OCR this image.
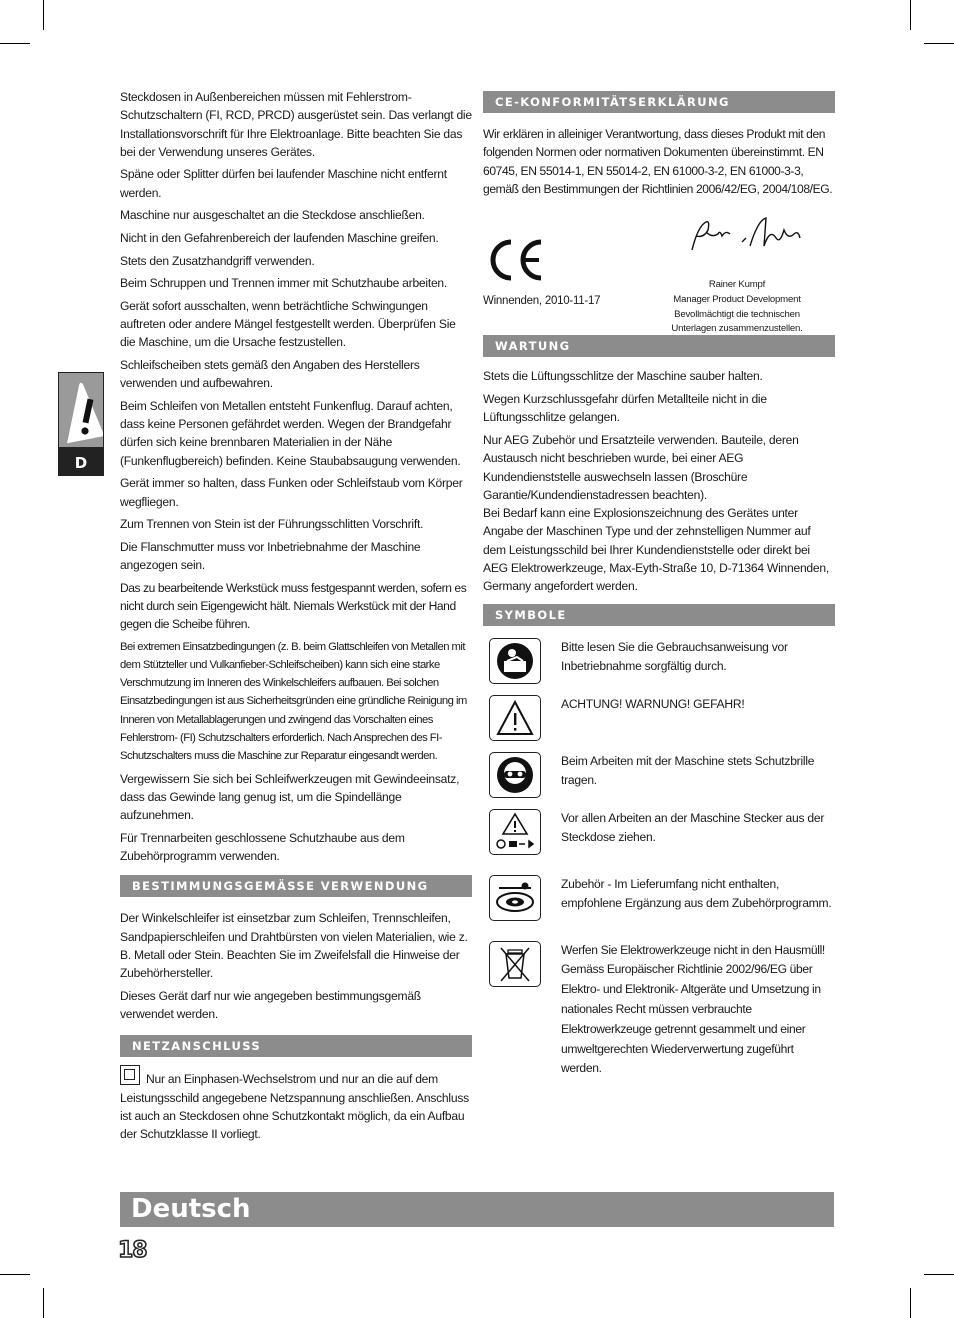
D

Steckdosen in Außenbereichen müssen mit Fehlerstrom-Schutzschaltern (FI, RCD, PRCD) ausgerüstet sein. Das verlangt die Installationsvorschrift für Ihre Elektroanlage. Bitte beachten Sie das bei der Verwendung unseres Gerätes.

Späne oder Splitter dürfen bei laufender Maschine nicht entfernt werden.

Maschine nur ausgeschaltet an die Steckdose anschließen.

Nicht in den Gefahrenbereich der laufenden Maschine greifen.

Stets den Zusatzhandgriff verwenden.

Beim Schruppen und Trennen immer mit Schutzhaube arbeiten.

Gerät sofort ausschalten, wenn beträchtliche Schwingungen auftreten oder andere Mängel festgestellt werden. Überprüfen Sie die Maschine, um die Ursache festzustellen.

Schleifscheiben stets gemäß den Angaben des Herstellers verwenden und aufbewahren.

Beim Schleifen von Metallen entsteht Funkenflug. Darauf achten, dass keine Personen gefährdet werden. Wegen der Brandgefahr dürfen sich keine brennbaren Materialien in der Nähe (Funkenflugbereich) befinden. Keine Staubabsaugung verwenden.

Gerät immer so halten, dass Funken oder Schleifstaub vom Körper wegfliegen.

Zum Trennen von Stein ist der Führungsschlitten Vorschrift.

Die Flanschmutter muss vor Inbetriebnahme der Maschine angezogen sein.

Das zu bearbeitende Werkstück muss festgespannt werden, sofern es nicht durch sein Eigengewicht hält. Niemals Werkstück mit der Hand gegen die Scheibe führen.

Bei extremen Einsatzbedingungen (z. B. beim Glattschleifen von Metallen mit dem Stützteller und Vulkanfieber-Schleifscheiben) kann sich eine starke Verschmutzung im Inneren des Winkelschleifers aufbauen. Bei solchen Einsatzbedingungen ist aus Sicherheitsgründen eine gründliche Reinigung im Inneren von Metallablagerungen und zwingend das Vorschalten eines Fehlerstrom- (FI) Schutzschalters erforderlich. Nach Ansprechen des FI-Schutzschalters muss die Maschine zur Reparatur eingesandt werden.

Vergewissern Sie sich bei Schleifwerkzeugen mit Gewindeeinsatz, dass das Gewinde lang genug ist, um die Spindellänge aufzunehmen.

Für Trennarbeiten geschlossene Schutzhaube aus dem Zubehörprogramm verwenden.

BESTIMMUNGSGEMÄSSE VERWENDUNG

Der Winkelschleifer ist einsetzbar zum Schleifen, Trennschleifen, Sandpapierschleifen und Drahtbürsten von vielen Materialien, wie z. B. Metall oder Stein. Beachten Sie im Zweifelsfall die Hinweise der Zubehörhersteller.

Dieses Gerät darf nur wie angegeben bestimmungsgemäß verwendet werden.

NETZANSCHLUSS

Nur an Einphasen-Wechselstrom und nur an die auf dem Leistungsschild angegebene Netzspannung anschließen. Anschluss ist auch an Steckdosen ohne Schutzkontakt möglich, da ein Aufbau der Schutzklasse II vorliegt.

CE-KONFORMITÄTSERKLÄRUNG

Wir erklären in alleiniger Verantwortung, dass dieses Produkt mit den folgenden Normen oder normativen Dokumenten übereinstimmt. EN 60745, EN 55014-1, EN 55014-2, EN 61000-3-2, EN 61000-3-3, gemäß den Bestimmungen der Richtlinien 2006/42/EG, 2004/108/EG.

Winnenden, 2010-11-17
Rainer Kumpf
Manager Product Development
Bevollmächtigt die technischen Unterlagen zusammenzustellen.
WARTUNG

Stets die Lüftungsschlitze der Maschine sauber halten.

Wegen Kurzschlussgefahr dürfen Metallteile nicht in die Lüftungsschlitze gelangen.

Nur AEG Zubehör und Ersatzteile verwenden. Bauteile, deren Austausch nicht beschrieben wurde, bei einer AEG Kundendienststelle auswechseln lassen (Broschüre Garantie/Kundendienstadressen beachten).

Bei Bedarf kann eine Explosionszeichnung des Gerätes unter Angabe der Maschinen Type und der zehnstelligen Nummer auf dem Leistungsschild bei Ihrer Kundendienststelle oder direkt bei AEG Elektrowerkzeuge, Max-Eyth-Straße 10, D-71364 Winnenden, Germany angefordert werden.

SYMBOLE
Bitte lesen Sie die Gebrauchsanweisung vor Inbetriebnahme sorgfältig durch.
ACHTUNG! WARNUNG! GEFAHR!
Beim Arbeiten mit der Maschine stets Schutzbrille tragen.
Vor allen Arbeiten an der Maschine Stecker aus der Steckdose ziehen.
Zubehör - Im Lieferumfang nicht enthalten, empfohlene Ergänzung aus dem Zubehörprogramm.
Werfen Sie Elektrowerkzeuge nicht in den Hausmüll! Gemäss Europäischer Richtlinie 2002/96/EG über Elektro- und Elektronik- Altgeräte und Umsetzung in nationales Recht müssen verbrauchte Elektrowerkzeuge getrennt gesammelt und einer umweltgerechten Wiederverwertung zugeführt werden.
Deutsch
18
